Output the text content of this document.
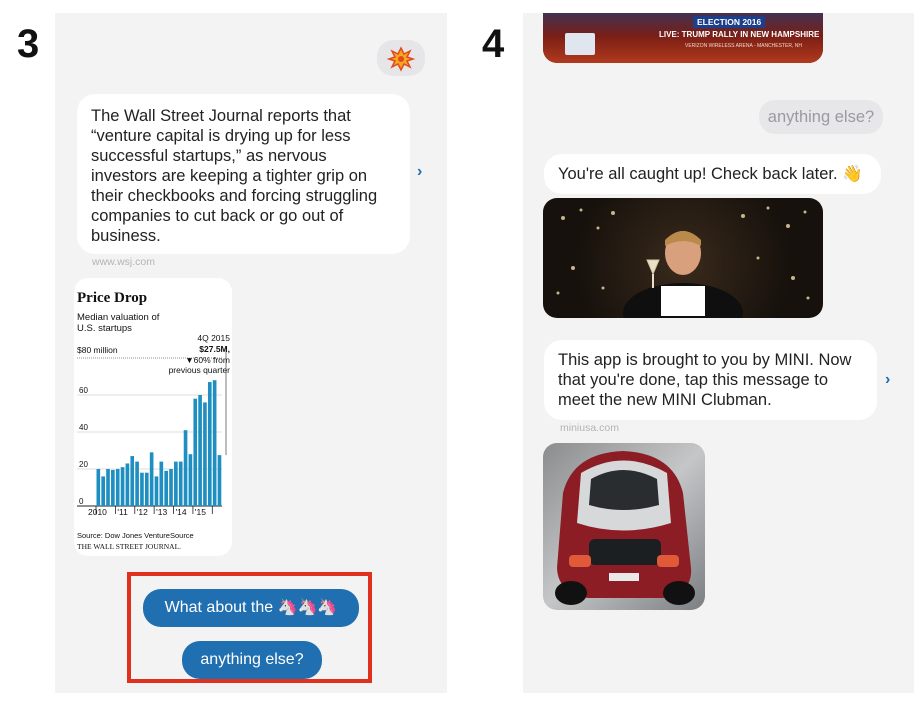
3
The Wall Street Journal reports that “venture capital is drying up for less successful startups,” as nervous investors are keeping a tighter grip on their checkbooks and forcing struggling companies to cut back or go out of business.
›
www.wsj.com
Price Drop
Median valuation of
U.S. startups
$80 million
4Q 2015
$27.5M,
▼60% from
previous quarter
0
20
40
60
2010 '11 '12 '13 '14 '15
Source: Dow Jones VentureSource
THE WALL STREET JOURNAL.
What about the 🦄🦄🦄
anything else?
4	ELECTION 2016
LIVE: TRUMP RALLY IN NEW HAMPSHIRE
VERIZON WIRELESS ARENA - MANCHESTER, NH
anything else?
You're all caught up! Check back later. 👋
This app is brought to you by MINI. Now that you're done, tap this message to meet the new MINI Clubman.
›
miniusa.com
